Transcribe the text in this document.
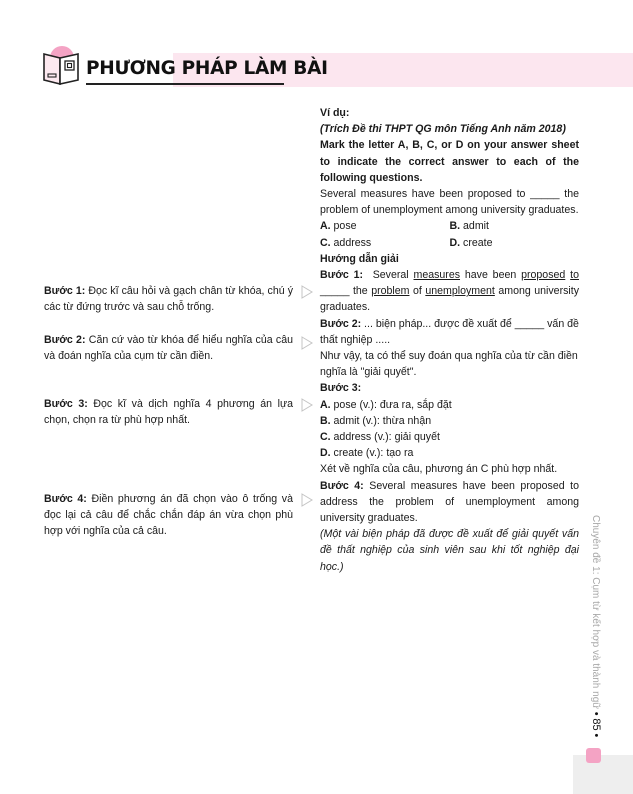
PHƯƠNG PHÁP LÀM BÀI
Bước 1: Đọc kĩ câu hỏi và gạch chân từ khóa, chú ý các từ đứng trước và sau chỗ trống.
Bước 2: Căn cứ vào từ khóa để hiểu nghĩa của câu và đoán nghĩa của cụm từ cần điền.
Bước 3: Đọc kĩ và dịch nghĩa 4 phương án lựa chọn, chọn ra từ phù hợp nhất.
Bước 4: Điền phương án đã chọn vào ô trống và đọc lại cả câu để chắc chắn đáp án vừa chọn phù hợp với nghĩa của cả câu.

Ví dụ:

(Trích Đề thi THPT QG môn Tiếng Anh năm 2018)

Mark the letter A, B, C, or D on your answer sheet to indicate the correct answer to each of the following questions.

Several measures have been proposed to _____ the problem of unemployment among university graduates.

A. pose	B. admit
C. address	D. create

Hướng dẫn giải

Bước 1: Several measures have been proposed to _____ the problem of unemployment among university graduates.

Bước 2: ... biện pháp... được đề xuất để _____ vấn đề thất nghiệp .....

Như vậy, ta có thể suy đoán qua nghĩa của từ cần điền nghĩa là "giải quyết".

Bước 3:

A. pose (v.): đưa ra, sắp đặt

B. admit (v.): thừa nhận

C. address (v.): giải quyết

D. create (v.): tạo ra

Xét về nghĩa của câu, phương án C phù hợp nhất.

Bước 4: Several measures have been proposed to address the problem of unemployment among university graduates.

(Một vài biện pháp đã được đề xuất để giải quyết vấn đề thất nghiệp của sinh viên sau khi tốt nghiệp đại học.)	Chuyên đề 1: Cụm từ kết hợp và thành ngữ • 85 •
